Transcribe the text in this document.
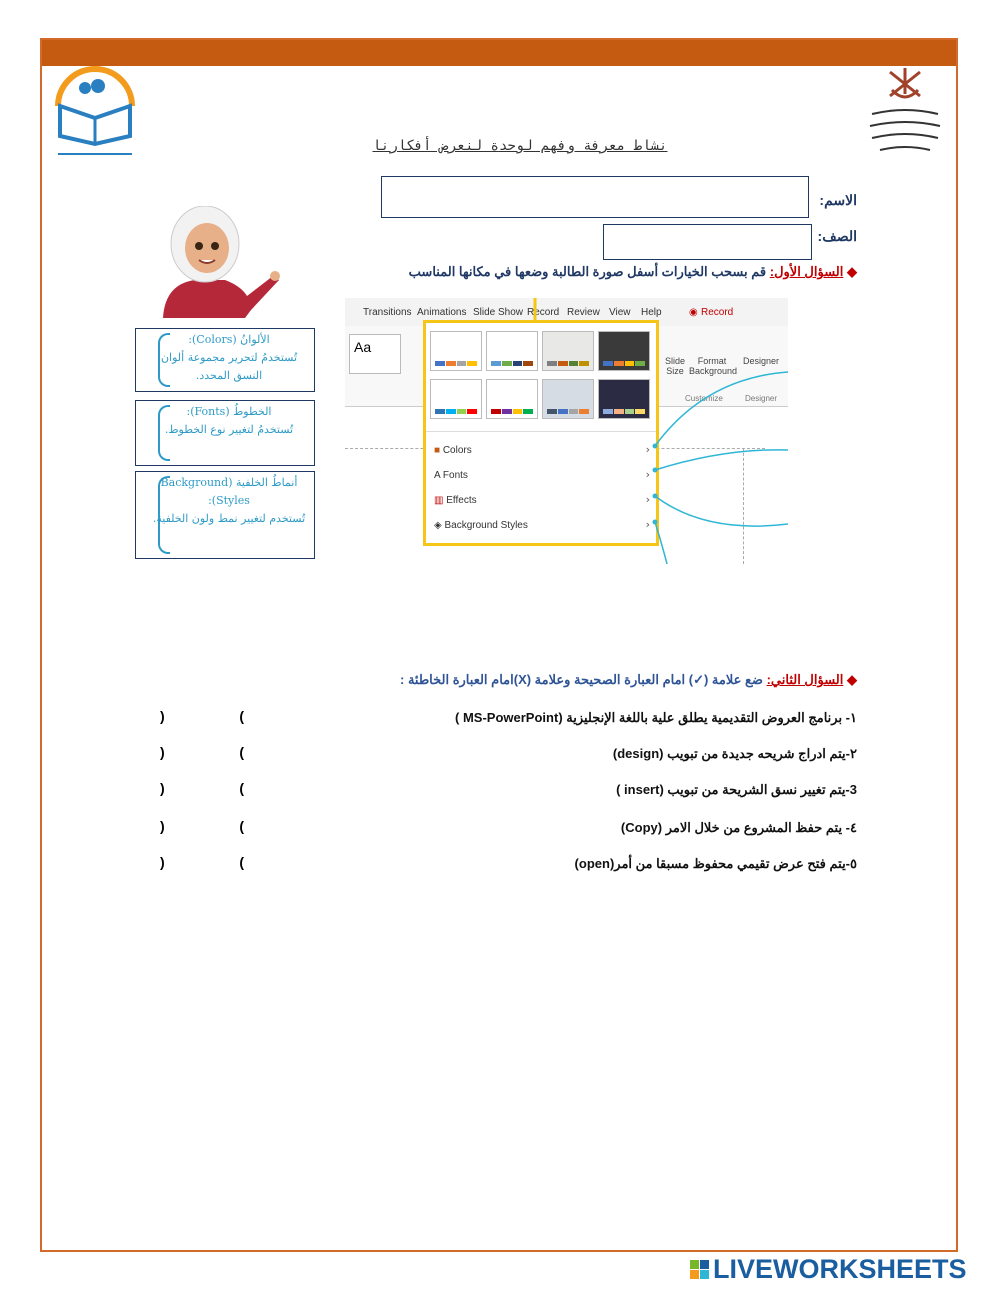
نشاط معرفة وفهم لوحدة لنعرض أفكارنا
الاسم:
الصف:
◆ السؤال الأول: قم بسحب الخيارات أسفل صورة الطالبة وضعها في مكانها المناسب
الألوانُ (Colors):
تُستخدمُ لتحرير مجموعة ألوان النسق المحدد.
الخطوطُ (Fonts):
تُستخدمُ لتغيير نوع الخطوط.
أنماطُ الخلفية (Background Styles):
تُستخدم لتغيير نمط ولون الخلفية.
Transitions Animations Slide Show Record Review View Help	◉ Record
Aa
Slide Size
Format Background
Designer
Customize	Designer
■ Colors	›
A Fonts	›
▥ Effects	›
◈ Background Styles	›
◆ السؤال الثاني: ضع علامة (✓) امام العبارة الصحيحة وعلامة (X)امام العبارة الخاطئة :
١- برنامج العروض التقديمية يطلق علية باللغة الإنجليزية (MS-PowerPoint )
)	(
٢-يتم ادراج شريحه جديدة من تبويب (design)
)	(
3-يتم تغيير نسق الشريحة من تبويب (insert )
)	(
٤- يتم حفظ المشروع من خلال الامر (Copy)
)	(
٥-يتم فتح عرض تقيمي محفوظ مسبقا من أمر(open)
)	(
LIVEWORKSHEETS
